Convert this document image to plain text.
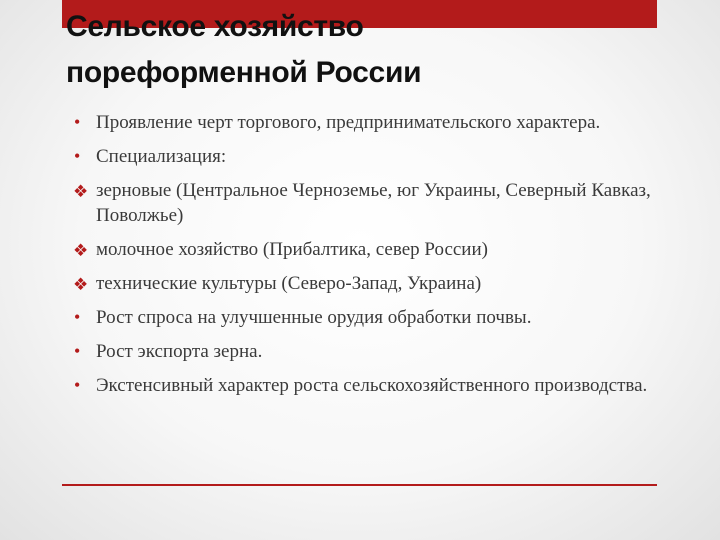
Сельское хозяйство
пореформенной России
• Проявление черт торгового, предпринимательского характера.
• Специализация:
❖ зерновые (Центральное Черноземье, юг Украины, Северный Кавказ, Поволжье)
❖ молочное хозяйство (Прибалтика, север России)
❖ технические культуры (Северо-Запад, Украина)
• Рост спроса на улучшенные орудия обработки почвы.
• Рост экспорта зерна.
• Экстенсивный характер роста сельскохозяйственного производства.
